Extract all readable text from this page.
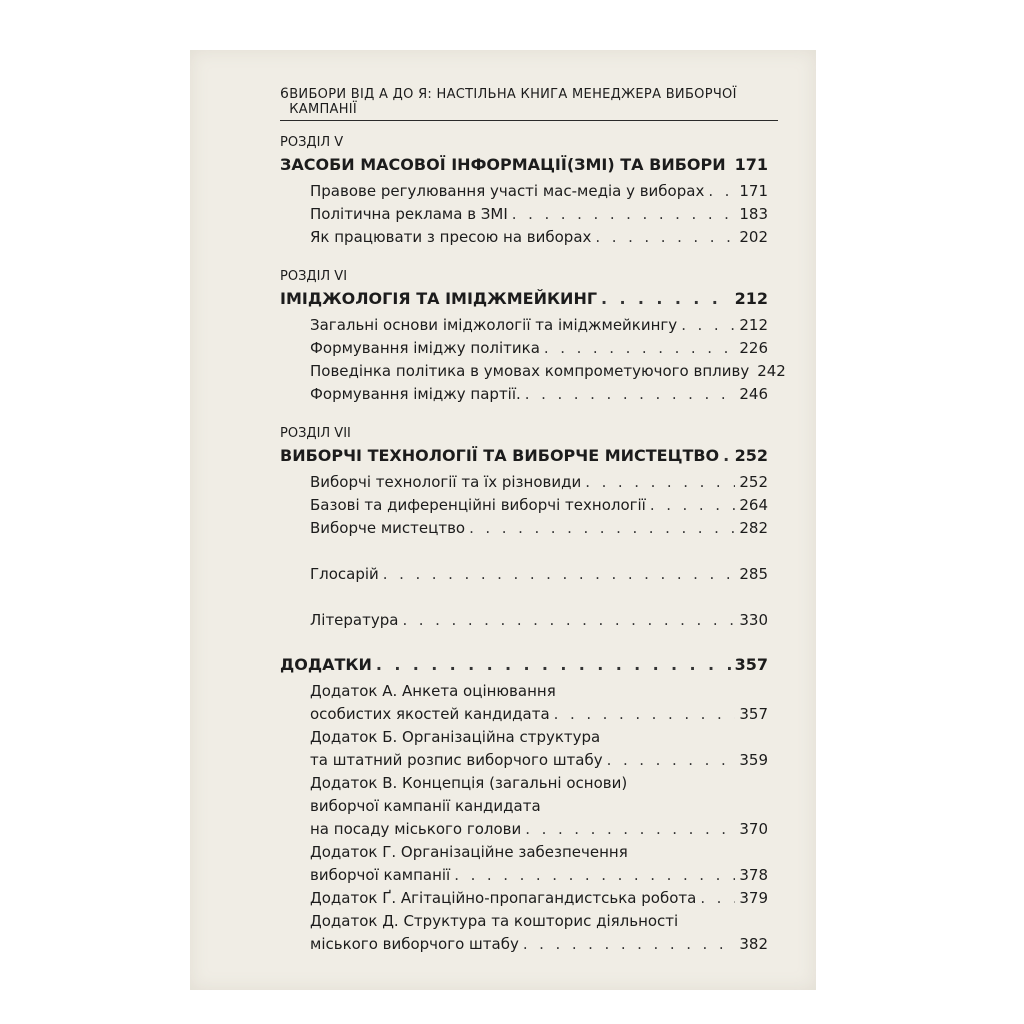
6 ВИБОРИ ВІД А ДО Я: НАСТІЛЬНА КНИГА МЕНЕДЖЕРА ВИБОРЧОЇ КАМПАНІЇ
РОЗДІЛ V
ЗАСОБИ МАСОВОЇ ІНФОРМАЦІЇ(ЗМІ) ТА ВИБОРИ . . . 171
Правове регулювання участі мас-медіа у виборах . . . 171
Політична реклама в ЗМІ . . .	183
Як працювати з пресою на виборах . . .	202
РОЗДІЛ VI
ІМІДЖОЛОГІЯ ТА ІМІДЖМЕЙКИНГ . . .	212
Загальні основи іміджології та іміджмейкингу . . .	212
Формування іміджу політика . . .	226
Поведінка політика в умовах компрометуючого впливу 242
Формування іміджу партії. . . .	246
РОЗДІЛ VII
ВИБОРЧІ ТЕХНОЛОГІЇ ТА ВИБОРЧЕ МИСТЕЦТВО . . . 252
Виборчі технології та їх різновиди . . .	252
Базові та диференційні виборчі технології . . .	264
Виборче мистецтво . . .	282
Глосарій . . .	285
Література . . .	330
ДОДАТКИ . . .	357
Додаток А. Анкета оцінювання
особистих якостей кандидата . . .	357
Додаток Б. Організаційна структура
та штатний розпис виборчого штабу . . .	359
Додаток В. Концепція (загальні основи)
виборчої кампанії кандидата
на посаду міського голови . . .	370
Додаток Г. Організаційне забезпечення
виборчої кампанії . . .	378
Додаток Ґ. Агітаційно-пропагандистська робота . . .	379
Додаток Д. Структура та кошторис діяльності
міського виборчого штабу . . .	382
